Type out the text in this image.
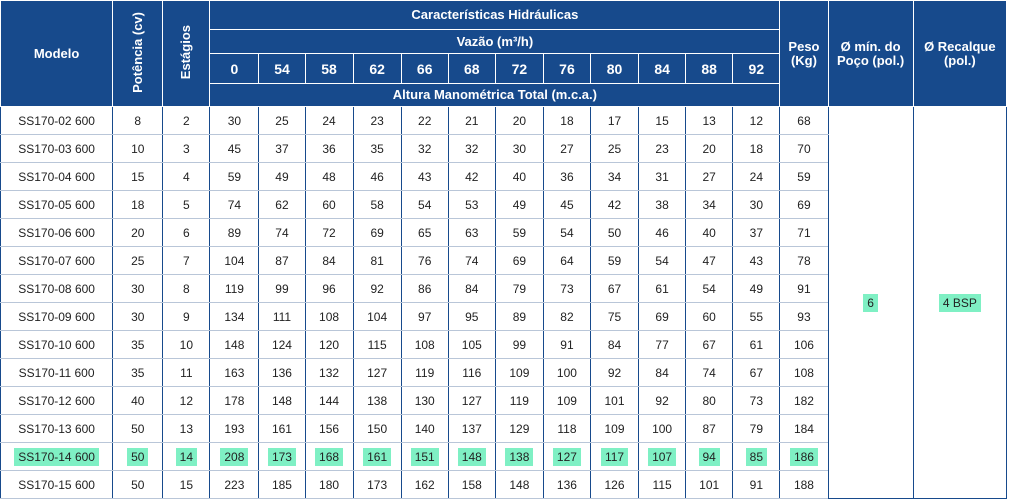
Modelo	Potência (cv)	Estágios	Características Hidráulicas												Peso (Kg)	Ø mín. do Poço (pol.)	Ø Recalque (pol.)
			Vazão (m³/h)														
			0	54	58	62	66	68	72	76	80	84	88	92			
			Altura Manométrica Total (m.c.a.)														
SS170-02 600	8	2	30	25	24	23	22	21	20	18	17	15	13	12	68	6	4 BSP
SS170-03 600	10	3	45	37	36	35	32	32	30	27	25	23	20	18	70		
SS170-04 600	15	4	59	49	48	46	43	42	40	36	34	31	27	24	59		
SS170-05 600	18	5	74	62	60	58	54	53	49	45	42	38	34	30	69		
SS170-06 600	20	6	89	74	72	69	65	63	59	54	50	46	40	37	71		
SS170-07 600	25	7	104	87	84	81	76	74	69	64	59	54	47	43	78		
SS170-08 600	30	8	119	99	96	92	86	84	79	73	67	61	54	49	91		
SS170-09 600	30	9	134	111	108	104	97	95	89	82	75	69	60	55	93		
SS170-10 600	35	10	148	124	120	115	108	105	99	91	84	77	67	61	106		
SS170-11 600	35	11	163	136	132	127	119	116	109	100	92	84	74	67	108		
SS170-12 600	40	12	178	148	144	138	130	127	119	109	101	92	80	73	182		
SS170-13 600	50	13	193	161	156	150	140	137	129	118	109	100	87	79	184		
SS170-14 600	50	14	208	173	168	161	151	148	138	127	117	107	94	85	186		
SS170-15 600	50	15	223	185	180	173	162	158	148	136	126	115	101	91	188		
